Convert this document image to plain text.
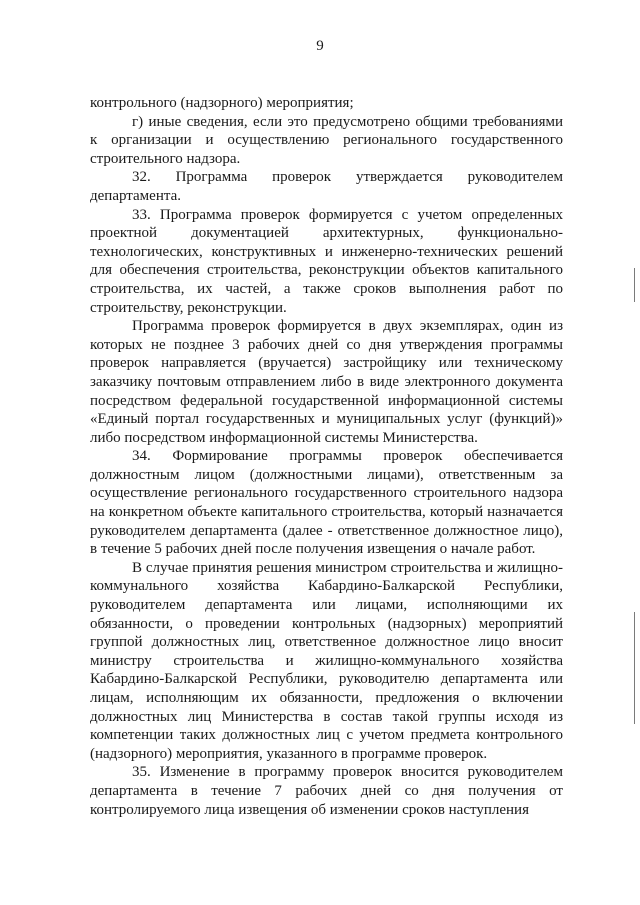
9

контрольного (надзорного) мероприятия;

г) иные сведения, если это предусмотрено общими требованиями к организации и осуществлению регионального государственного строительного надзора.

32. Программа проверок утверждается руководителем департамента.

33. Программа проверок формируется с учетом определенных проектной документацией архитектурных, функционально-технологических, конструктивных и инженерно-технических решений для обеспечения строительства, реконструкции объектов капитального строительства, их частей, а также сроков выполнения работ по строительству, реконструкции.

Программа проверок формируется в двух экземплярах, один из которых не позднее 3 рабочих дней со дня утверждения программы проверок направляется (вручается) застройщику или техническому заказчику почтовым отправлением либо в виде электронного документа посредством федеральной государственной информационной системы «Единый портал государственных и муниципальных услуг (функций)» либо посредством информационной системы Министерства.

34. Формирование программы проверок обеспечивается должностным лицом (должностными лицами), ответственным за осуществление регионального государственного строительного надзора на конкретном объекте капитального строительства, который назначается руководителем департамента (далее - ответственное должностное лицо), в течение 5 рабочих дней после получения извещения о начале работ.

В случае принятия решения министром строительства и жилищно-коммунального хозяйства Кабардино-Балкарской Республики, руководителем департамента или лицами, исполняющими их обязанности, о проведении контрольных (надзорных) мероприятий группой должностных лиц, ответственное должностное лицо вносит министру строительства и жилищно-коммунального хозяйства Кабардино-Балкарской Республики, руководителю департамента или лицам, исполняющим их обязанности, предложения о включении должностных лиц Министерства в состав такой группы исходя из компетенции таких должностных лиц с учетом предмета контрольного (надзорного) мероприятия, указанного в программе проверок.

35. Изменение в программу проверок вносится руководителем департамента в течение 7 рабочих дней со дня получения от контролируемого лица извещения об изменении сроков наступления
